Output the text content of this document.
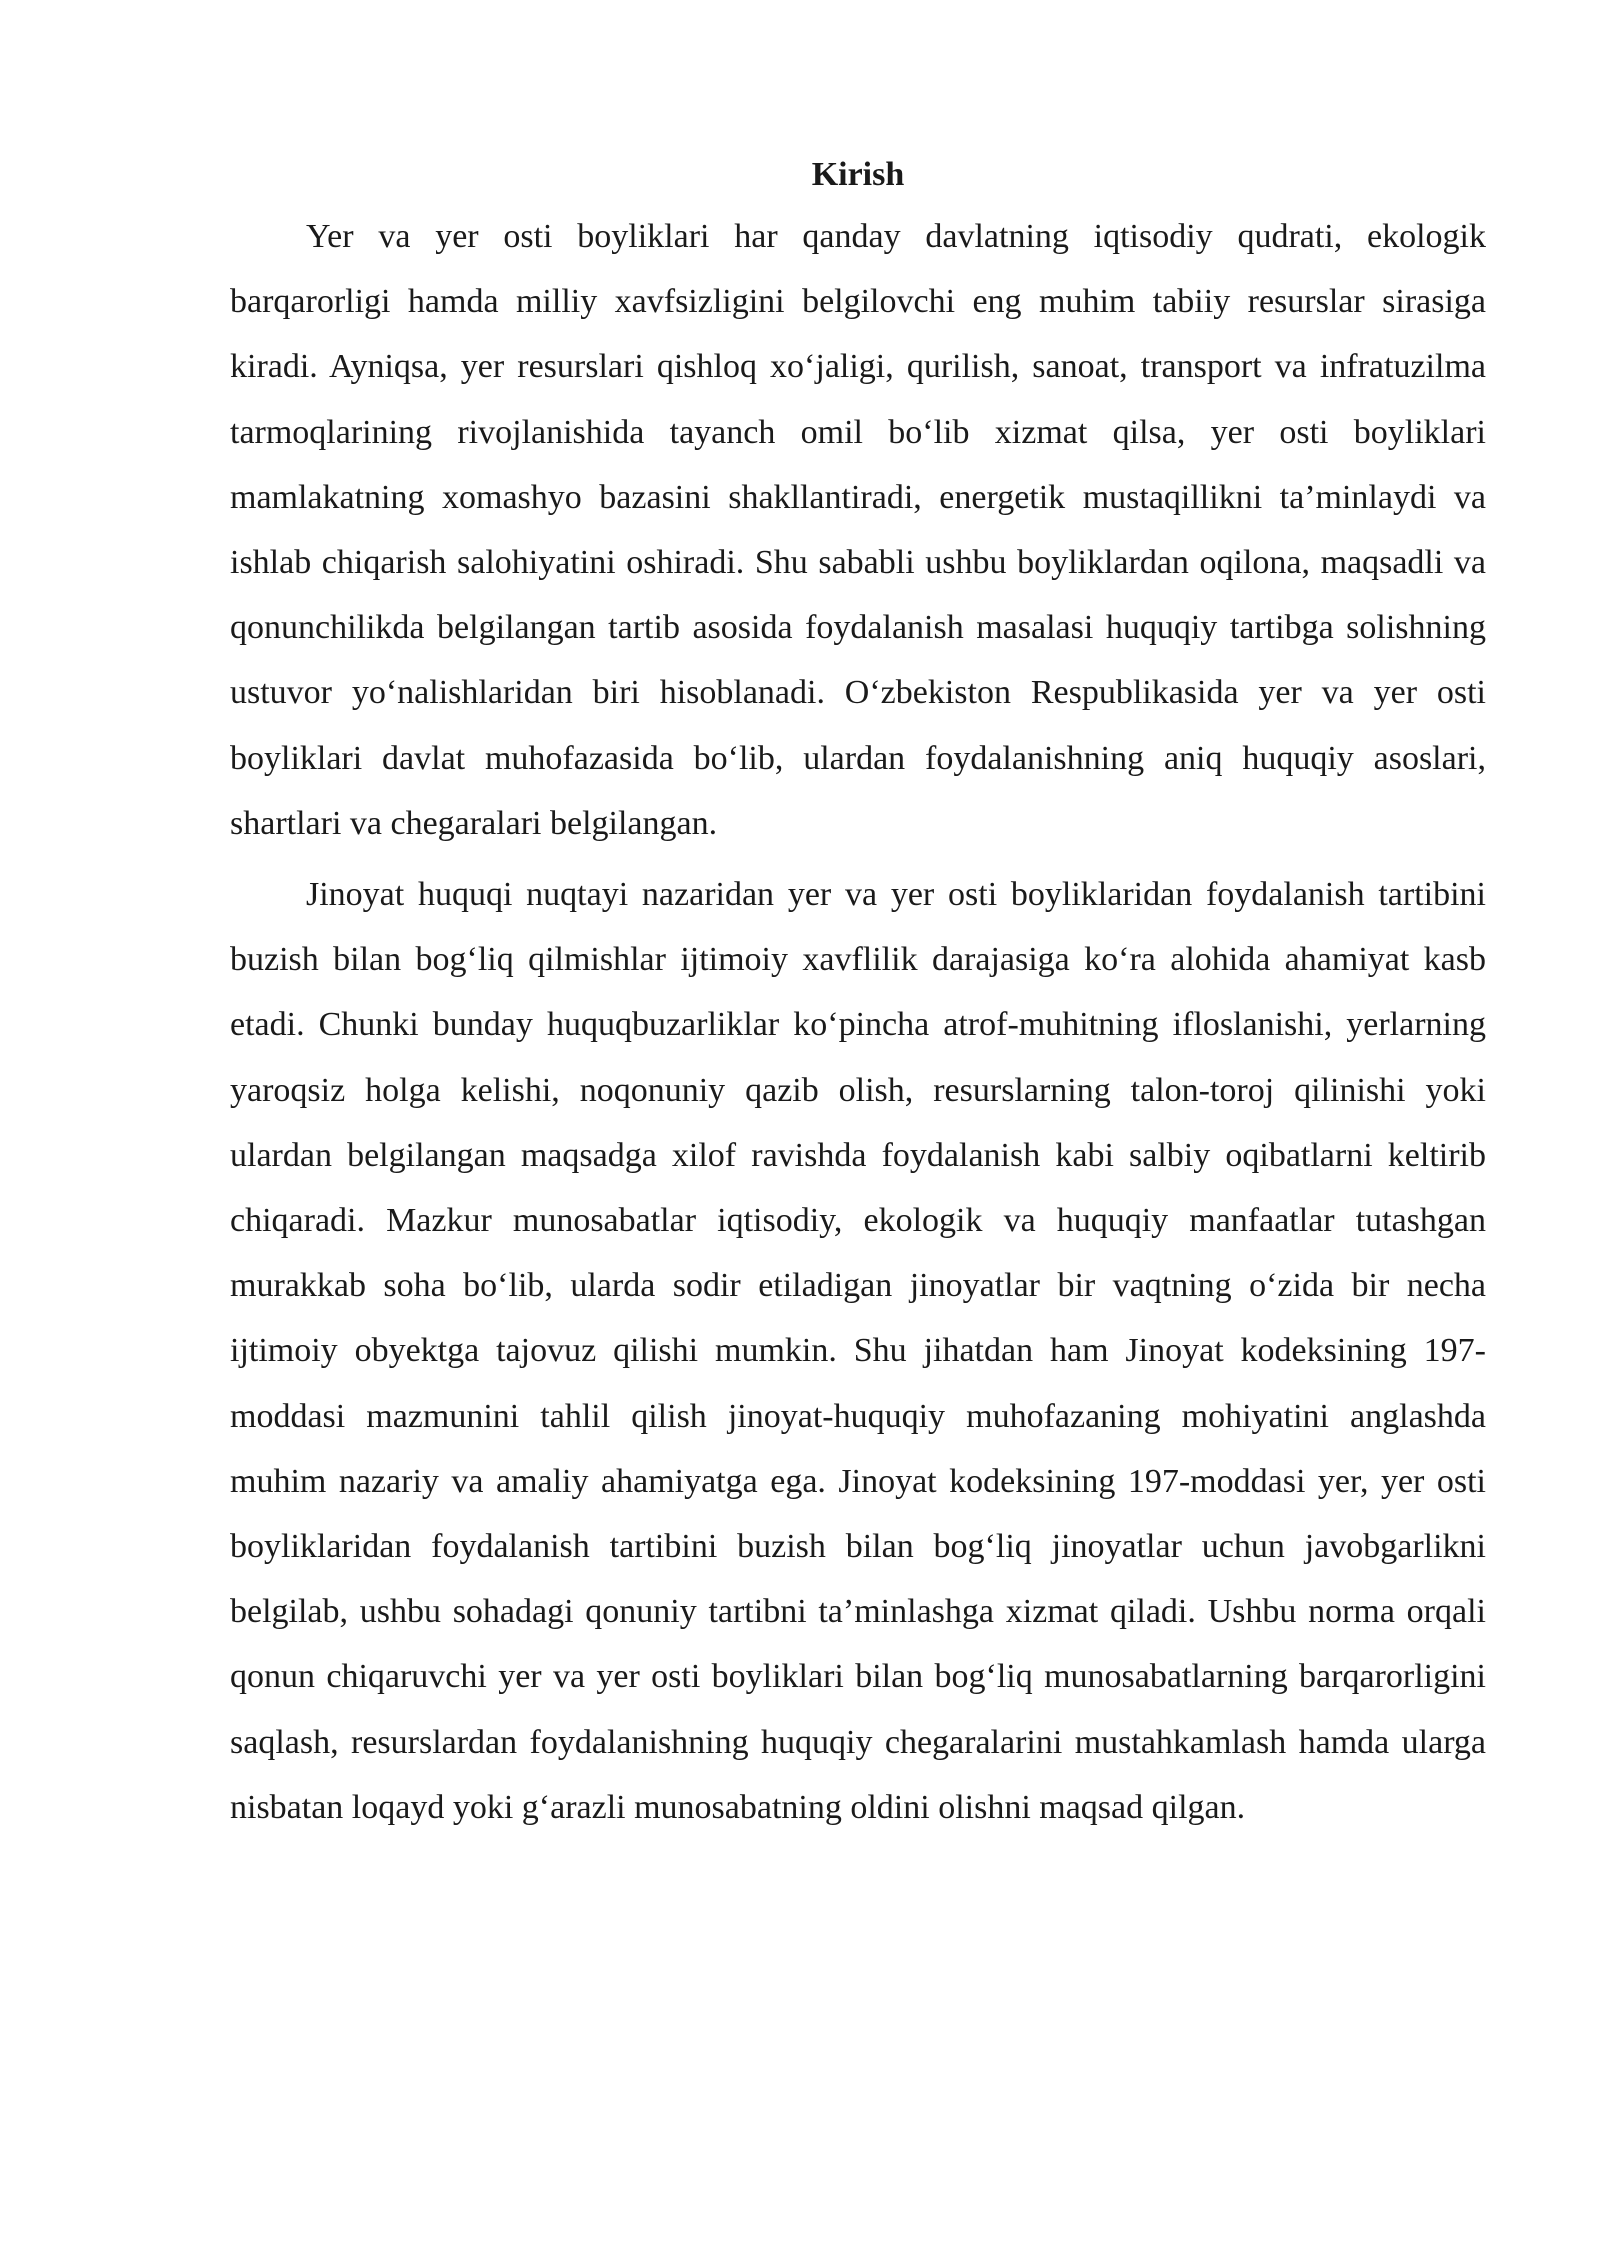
Kirish

Yer va yer osti boyliklari har qanday davlatning iqtisodiy qudrati, ekologik barqarorligi hamda milliy xavfsizligini belgilovchi eng muhim tabiiy resurslar sirasiga kiradi. Ayniqsa, yer resurslari qishloq xo‘jaligi, qurilish, sanoat, transport va infratuzilma tarmoqlarining rivojlanishida tayanch omil bo‘lib xizmat qilsa, yer osti boyliklari mamlakatning xomashyo bazasini shakllantiradi, energetik mustaqillikni ta’minlaydi va ishlab chiqarish salohiyatini oshiradi. Shu sababli ushbu boyliklardan oqilona, maqsadli va qonunchilikda belgilangan tartib asosida foydalanish masalasi huquqiy tartibga solishning ustuvor yo‘nalishlaridan biri hisoblanadi. O‘zbekiston Respublikasida yer va yer osti boyliklari davlat muhofazasida bo‘lib, ulardan foydalanishning aniq huquqiy asoslari, shartlari va chegaralari belgilangan.

Jinoyat huquqi nuqtayi nazaridan yer va yer osti boyliklaridan foydalanish tartibini buzish bilan bog‘liq qilmishlar ijtimoiy xavflilik darajasiga ko‘ra alohida ahamiyat kasb etadi. Chunki bunday huquqbuzarliklar ko‘pincha atrof-muhitning ifloslanishi, yerlarning yaroqsiz holga kelishi, noqonuniy qazib olish, resurslarning talon-toroj qilinishi yoki ulardan belgilangan maqsadga xilof ravishda foydalanish kabi salbiy oqibatlarni keltirib chiqaradi. Mazkur munosabatlar iqtisodiy, ekologik va huquqiy manfaatlar tutashgan murakkab soha bo‘lib, ularda sodir etiladigan jinoyatlar bir vaqtning o‘zida bir necha ijtimoiy obyektga tajovuz qilishi mumkin. Shu jihatdan ham Jinoyat kodeksining 197-moddasi mazmunini tahlil qilish jinoyat-huquqiy muhofazaning mohiyatini anglashda muhim nazariy va amaliy ahamiyatga ega. Jinoyat kodeksining 197-moddasi yer, yer osti boyliklaridan foydalanish tartibini buzish bilan bog‘liq jinoyatlar uchun javobgarlikni belgilab, ushbu sohadagi qonuniy tartibni ta’minlashga xizmat qiladi. Ushbu norma orqali qonun chiqaruvchi yer va yer osti boyliklari bilan bog‘liq munosabatlarning barqarorligini saqlash, resurslardan foydalanishning huquqiy chegaralarini mustahkamlash hamda ularga nisbatan loqayd yoki g‘arazli munosabatning oldini olishni maqsad qilgan.
